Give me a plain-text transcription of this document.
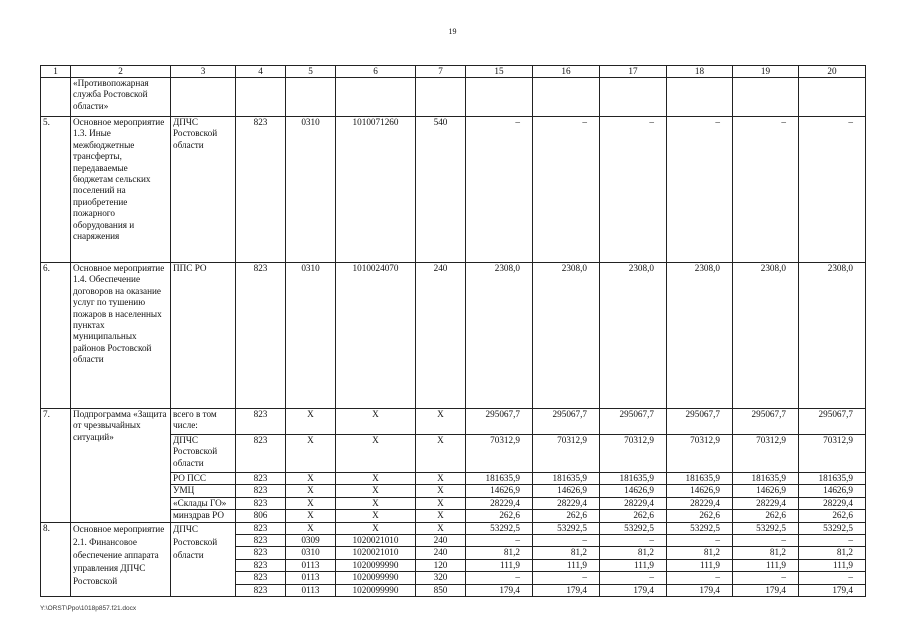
19
1	2	3	4	5	6	7	15	16	17	18	19	20
	«Противопожарная служба Ростовской области»											
5.	Основное мероприятие 1.3. Иные межбюджетные трансферты, передаваемые бюджетам сельских поселений на приобретение пожарного оборудования и снаряжения	ДПЧС Ростовской области	823	0310	1010071260	540	–	–	–	–	–	–
6.	Основное мероприятие 1.4. Обеспечение договоров на оказание услуг по тушению пожаров в населенных пунктах муниципальных районов Ростовской области	ППС РО	823	0310	1010024070	240	2308,0	2308,0	2308,0	2308,0	2308,0	2308,0
7.	Подпрограмма «Защита от чрезвычайных ситуаций»	всего в том числе:	823	Х	Х	Х	295067,7	295067,7	295067,7	295067,7	295067,7	295067,7
		ДПЧС Ростовской области	823	Х	Х	Х	70312,9	70312,9	70312,9	70312,9	70312,9	70312,9
		РО ПСС	823	Х	Х	Х	181635,9	181635,9	181635,9	181635,9	181635,9	181635,9
		УМЦ	823	Х	Х	Х	14626,9	14626,9	14626,9	14626,9	14626,9	14626,9
		«Склады ГО»	823	Х	Х	Х	28229,4	28229,4	28229,4	28229,4	28229,4	28229,4
		минздрав РО	806	Х	Х	Х	262,6	262,6	262,6	262,6	262,6	262,6
8.	Основное мероприятие 2.1. Финансовое обеспечение аппарата управления ДПЧС Ростовской	ДПЧС Ростовской области	823	Х	Х	Х	53292,5	53292,5	53292,5	53292,5	53292,5	53292,5
			823	0309	1020021010	240	–	–	–	–	–	–
			823	0310	1020021010	240	81,2	81,2	81,2	81,2	81,2	81,2
			823	0113	1020099990	120	111,9	111,9	111,9	111,9	111,9	111,9
			823	0113	1020099990	320	–	–	–	–	–	–
			823	0113	1020099990	850	179,4	179,4	179,4	179,4	179,4	179,4
Y:\ORST\Ppo\1018p857.f21.docx
